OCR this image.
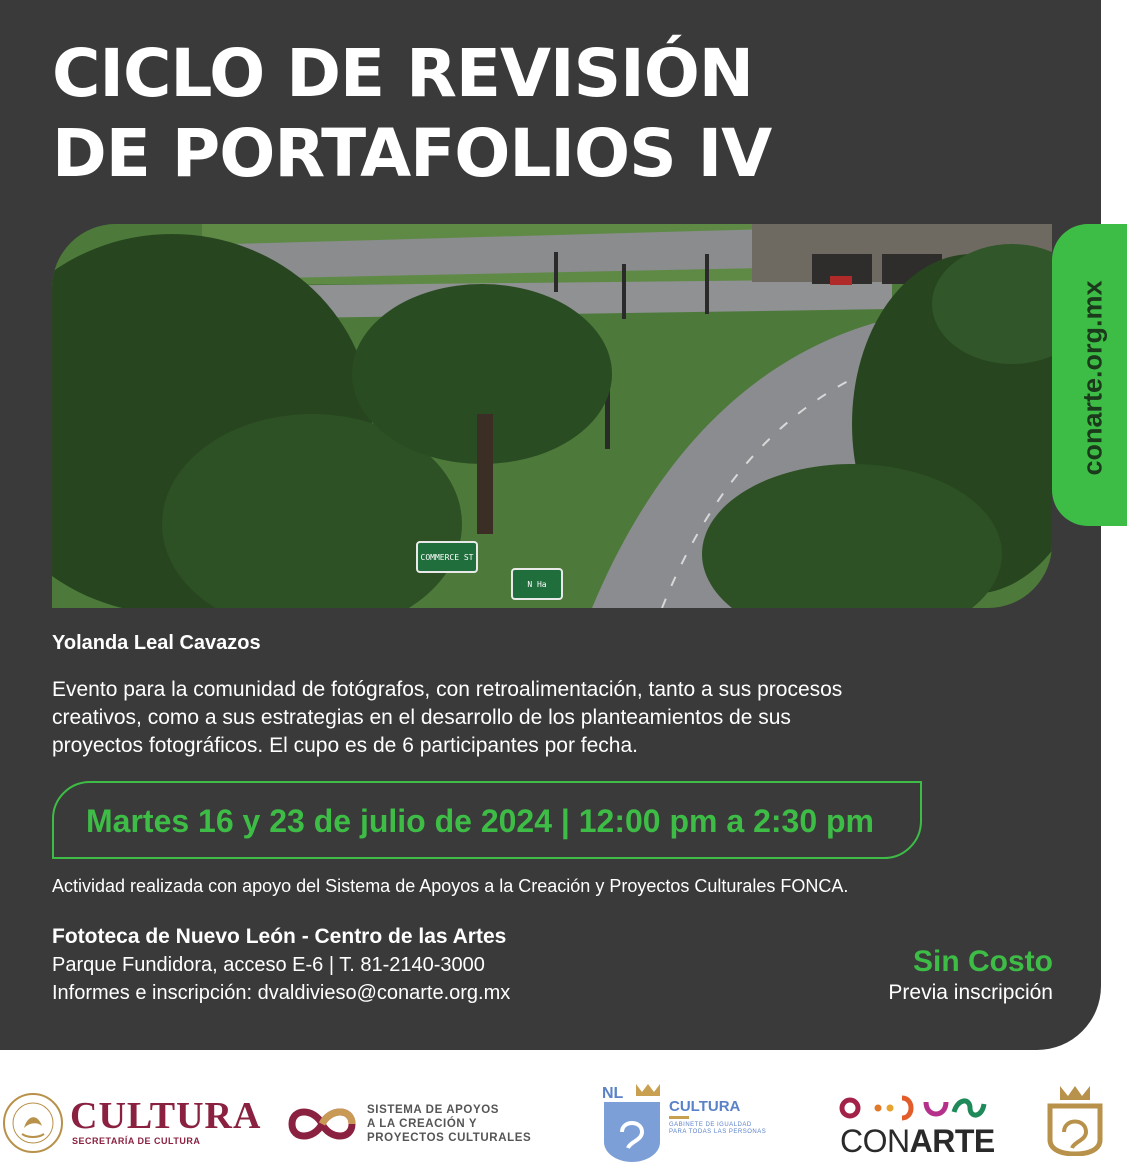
CICLO DE REVISIÓN
DE PORTAFOLIOS IV
COMMERCE ST
N Ha
conarte.org.mx
Yolanda Leal Cavazos
Evento para la comunidad de fotógrafos, con retroalimentación, tanto a sus procesos
creativos, como a sus estrategias en el desarrollo de los planteamientos de sus
proyectos fotográficos. El cupo es de 6 participantes por fecha.
Martes 16 y 23 de julio de 2024 | 12:00 pm a 2:30 pm
Actividad realizada con apoyo del Sistema de Apoyos a la Creación y Proyectos Culturales FONCA.
Fototeca de Nuevo León - Centro de las Artes
Parque Fundidora, acceso E-6 | T. 81-2140-3000
Informes e inscripción: dvaldivieso@conarte.org.mx
Sin Costo
Previa inscripción
CULTURA
SECRETARÍA DE CULTURA
SISTEMA DE APOYOS
A LA CREACIÓN Y
PROYECTOS CULTURALES
NL
CULTURA
GABINETE DE IGUALDAD
PARA TODAS LAS PERSONAS CONARTE
